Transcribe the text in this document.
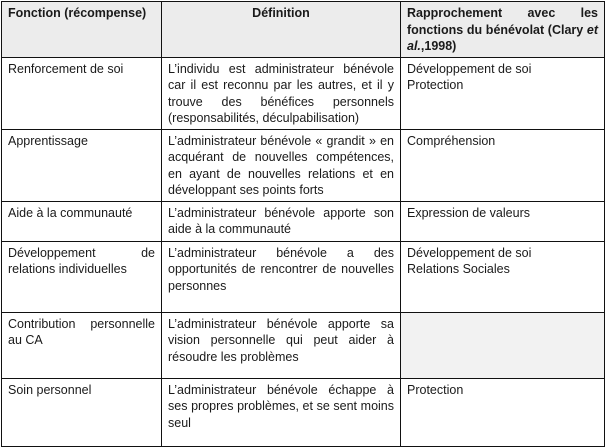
Fonction (récompense)	Définition	Rapprochement avec les fonctions du bénévolat (Clary et al.,1998)
Renforcement de soi	L’individu est administrateur bénévole car il est reconnu par les autres, et il y trouve des bénéfices personnels (responsabilités, déculpabilisation)	Développement de soi
Protection

Apprentissage	L’administrateur bénévole « grandit » en acquérant de nouvelles compétences, en ayant de nouvelles relations et en développant ses points forts	Compréhension

Aide à la communauté	L’administrateur bénévole apporte son aide à la communauté	Expression de valeurs

Développement de relations individuelles	L’administrateur bénévole a des opportunités de rencontrer de nouvelles personnes	Développement de soi
Relations Sociales

Contribution personnelle au CA	L’administrateur bénévole apporte sa vision personnelle qui peut aider à résoudre les problèmes	
Soin personnel	L’administrateur bénévole échappe à ses propres problèmes, et se sent moins seul	Protection
